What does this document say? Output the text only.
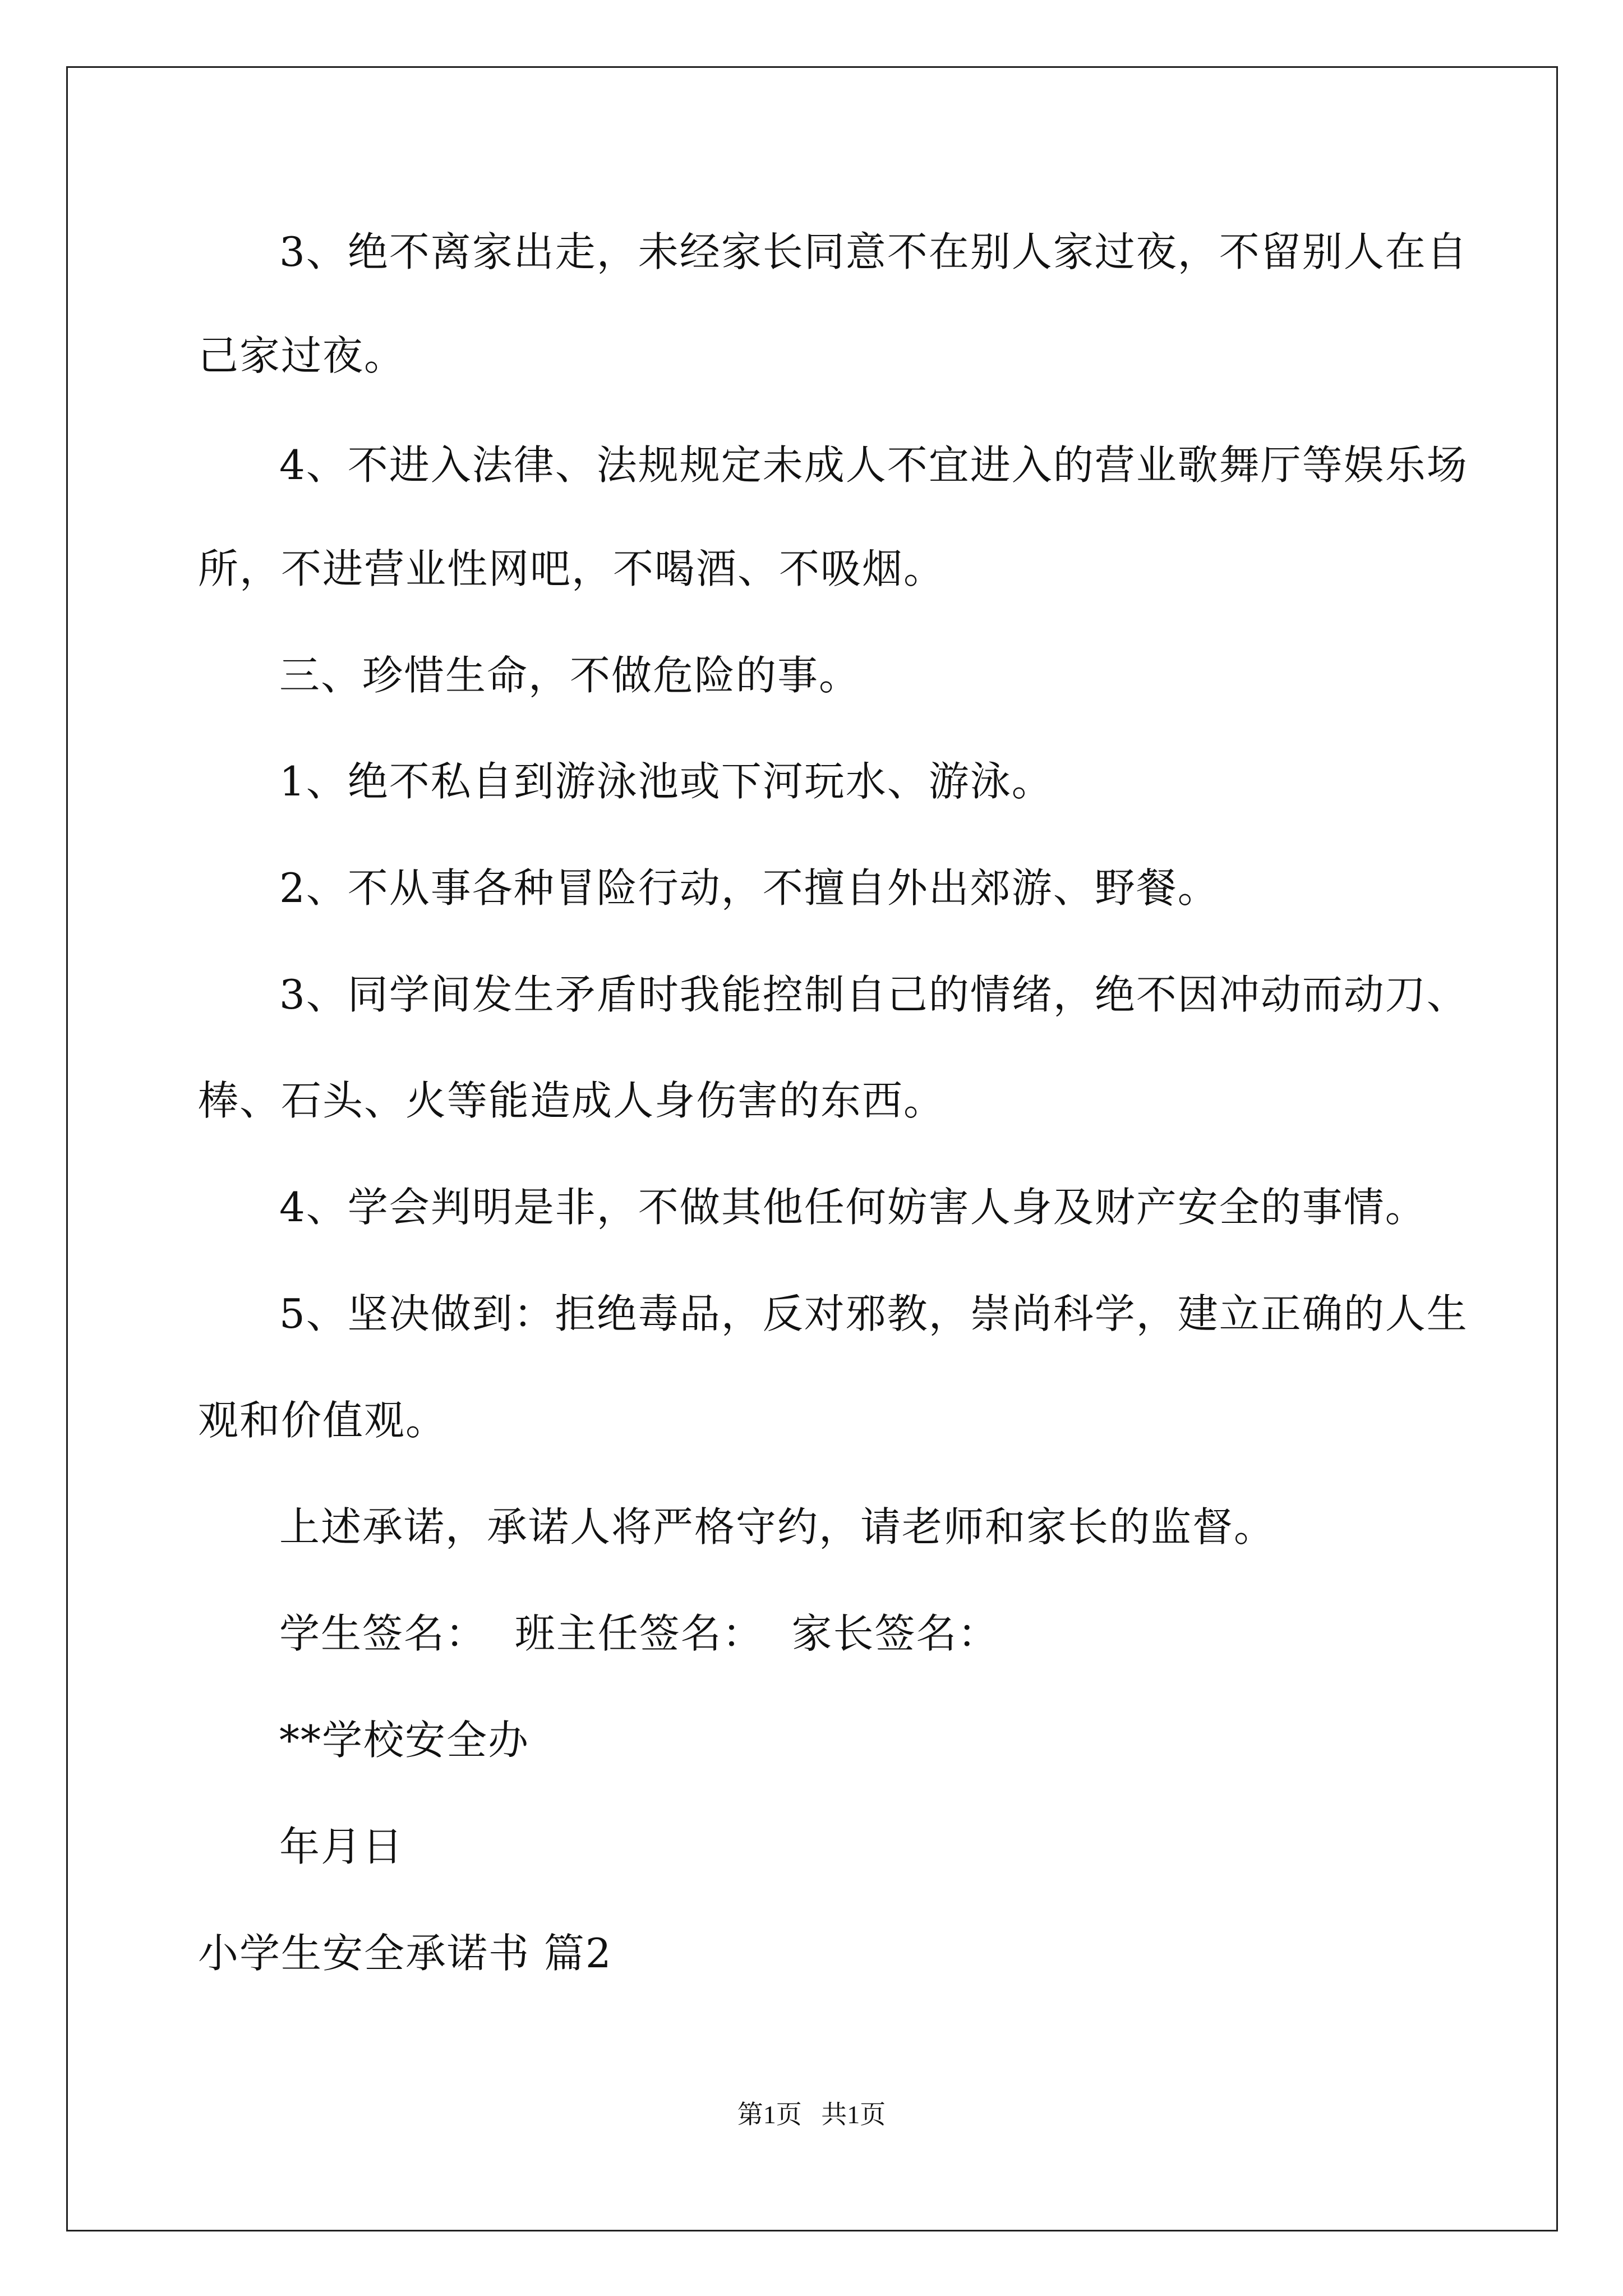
3、绝不离家出走，未经家长同意不在别人家过夜，不留别人在自

己家过夜。

4、不进入法律、法规规定未成人不宜进入的营业歌舞厅等娱乐场

所，不进营业性网吧，不喝酒、不吸烟。

三、珍惜生命，不做危险的事。

1、绝不私自到游泳池或下河玩水、游泳。

2、不从事各种冒险行动，不擅自外出郊游、野餐。

3、同学间发生矛盾时我能控制自己的情绪，绝不因冲动而动刀、

棒、石头、火等能造成人身伤害的东西。

4、学会判明是非，不做其他任何妨害人身及财产安全的事情。

5、坚决做到：拒绝毒品，反对邪教，崇尚科学，建立正确的人生

观和价值观。

上述承诺，承诺人将严格守约，请老师和家长的监督。

学生签名：  班主任签名：  家长签名：

**学校安全办

年月日

小学生安全承诺书 篇2

第1页   共1页
